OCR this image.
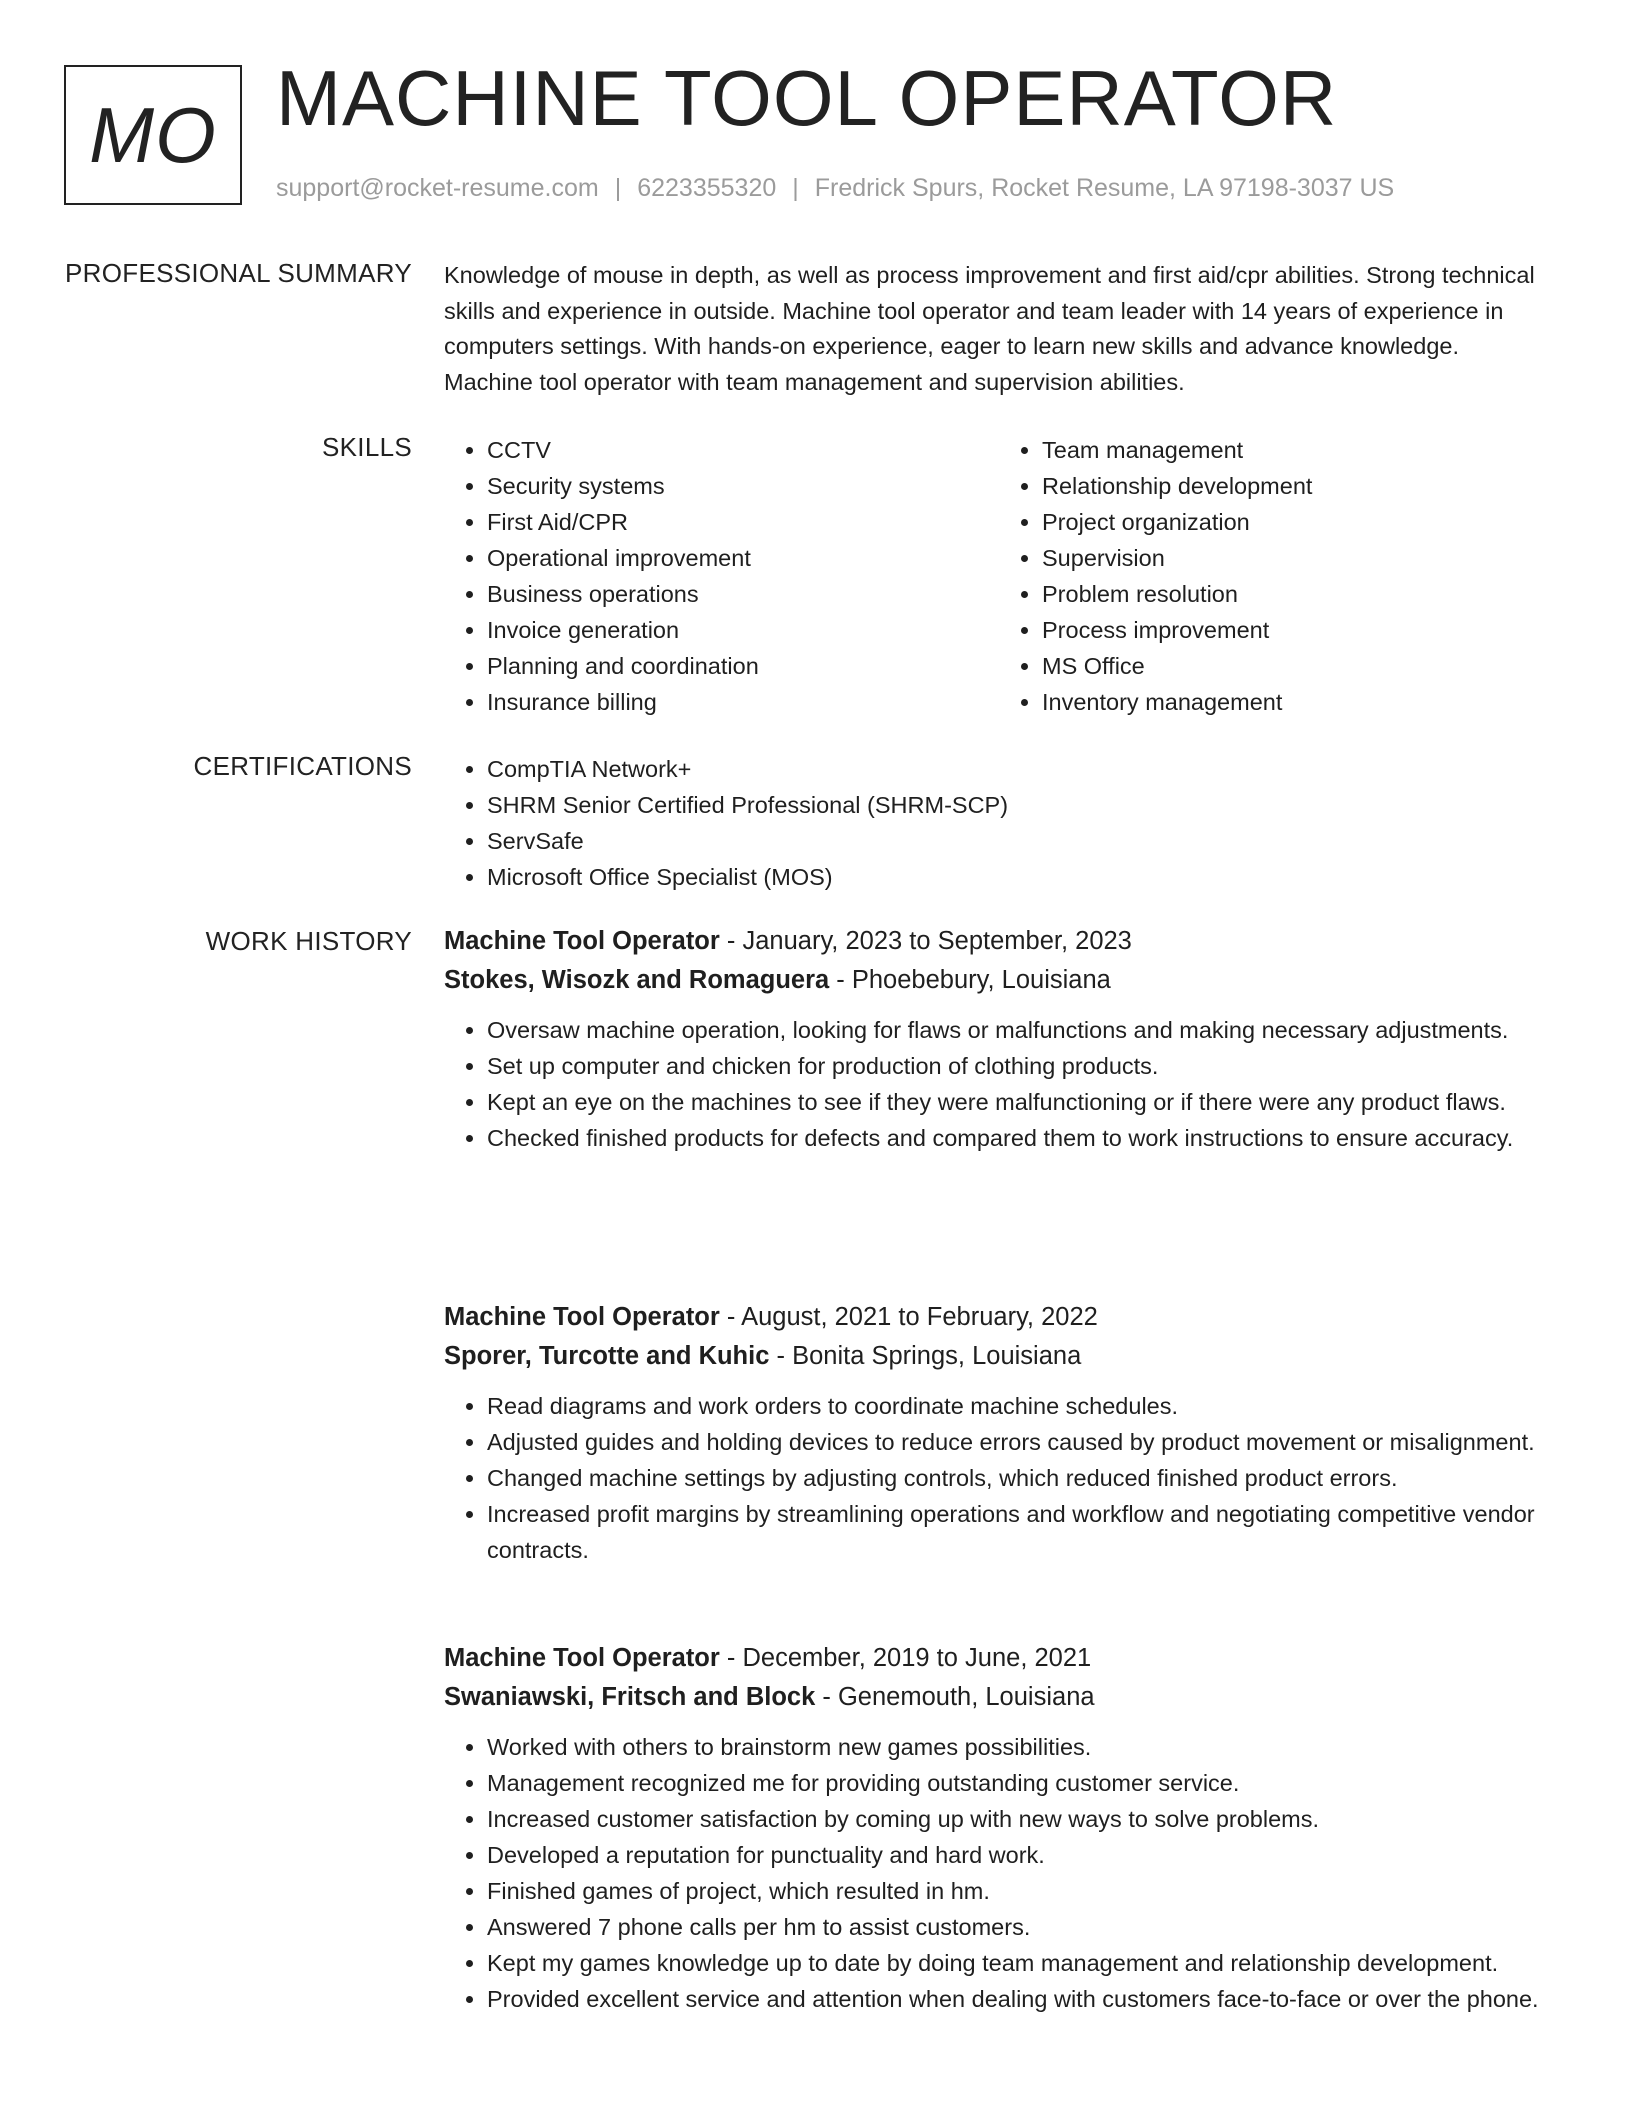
MO MACHINE TOOL OPERATOR
support@rocket-resume.com | 6223355320 | Fredrick Spurs, Rocket Resume, LA 97198-3037 US
PROFESSIONAL SUMMARY Knowledge of mouse in depth, as well as process improvement and first aid/cpr abilities. Strong technical skills and experience in outside. Machine tool operator and team leader with 14 years of experience in computers settings. With hands-on experience, eager to learn new skills and advance knowledge. Machine tool operator with team management and supervision abilities.

SKILLS	• CCTV
• Security systems
• First Aid/CPR
• Operational improvement
• Business operations
• Invoice generation
• Planning and coordination
• Insurance billing
• Team management
• Relationship development
• Project organization
• Supervision
• Problem resolution
• Process improvement
• MS Office
• Inventory management
CERTIFICATIONS	• CompTIA Network+
• SHRM Senior Certified Professional (SHRM-SCP)
• ServSafe
• Microsoft Office Specialist (MOS)
WORK HISTORY Machine Tool Operator - January, 2023 to September, 2023
Stokes, Wisozk and Romaguera - Phoebebury, Louisiana
• Oversaw machine operation, looking for flaws or malfunctions and making necessary adjustments.
• Set up computer and chicken for production of clothing products.
• Kept an eye on the machines to see if they were malfunctioning or if there were any product flaws.
• Checked finished products for defects and compared them to work instructions to ensure accuracy.
Machine Tool Operator - August, 2021 to February, 2022
Sporer, Turcotte and Kuhic - Bonita Springs, Louisiana
• Read diagrams and work orders to coordinate machine schedules.
• Adjusted guides and holding devices to reduce errors caused by product movement or misalignment.
• Changed machine settings by adjusting controls, which reduced finished product errors.
• Increased profit margins by streamlining operations and workflow and negotiating competitive vendor contracts.
Machine Tool Operator - December, 2019 to June, 2021
Swaniawski, Fritsch and Block - Genemouth, Louisiana
• Worked with others to brainstorm new games possibilities.
• Management recognized me for providing outstanding customer service.
• Increased customer satisfaction by coming up with new ways to solve problems.
• Developed a reputation for punctuality and hard work.
• Finished games of project, which resulted in hm.
• Answered 7 phone calls per hm to assist customers.
• Kept my games knowledge up to date by doing team management and relationship development.
• Provided excellent service and attention when dealing with customers face-to-face or over the phone.
